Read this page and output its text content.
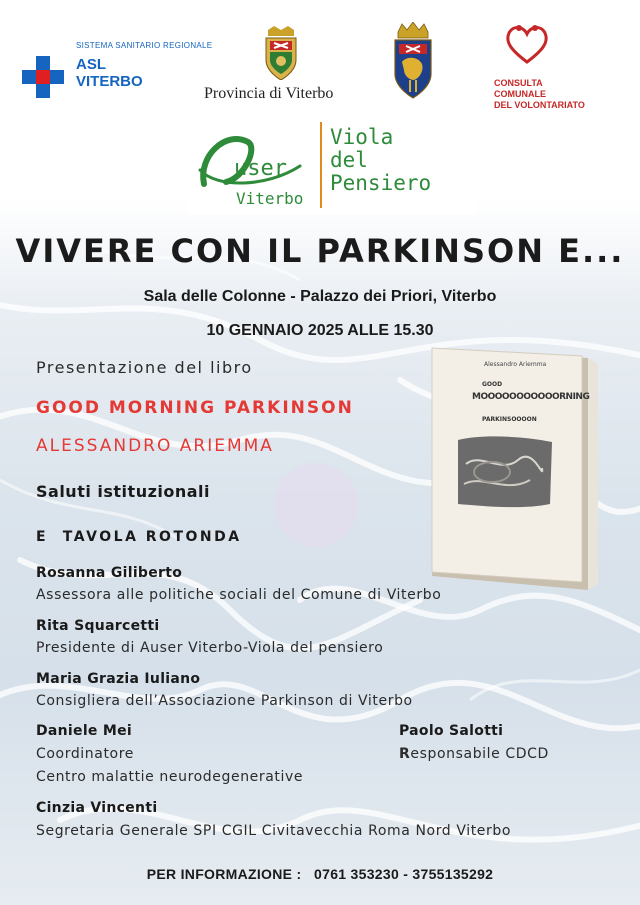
SISTEMA SANITARIO REGIONALE
ASL
VITERBO
Provincia di Viterbo
CONSULTA COMUNALE
DEL VOLONTARIATO
user
Viterbo
Viola
del
Pensiero
VIVERE CON IL PARKINSON E...
Sala delle Colonne - Palazzo dei Priori, Viterbo
10 GENNAIO 2025 ALLE 15.30
Presentazione del libro
GOOD MORNING PARKINSON
ALESSANDRO ARIEMMA
Saluti istituzionali
E  TAVOLA ROTONDA
Alessandro Ariemma
GOOD
MOOOOOOOOOOORNING
PARKINSOOOON
Rosanna Giliberto
Assessora alle politiche sociali del Comune di Viterbo
Rita Squarcetti
Presidente di Auser Viterbo-Viola del pensiero
Maria Grazia Iuliano
Consigliera dell’Associazione Parkinson di Viterbo
Daniele Mei
Coordinatore
Centro malattie neurodegenerative
Paolo Salotti
Responsabile CDCD
Cinzia Vincenti
Segretaria Generale SPI CGIL Civitavecchia Roma Nord Viterbo
PER INFORMAZIONE :   0761 353230 - 3755135292
